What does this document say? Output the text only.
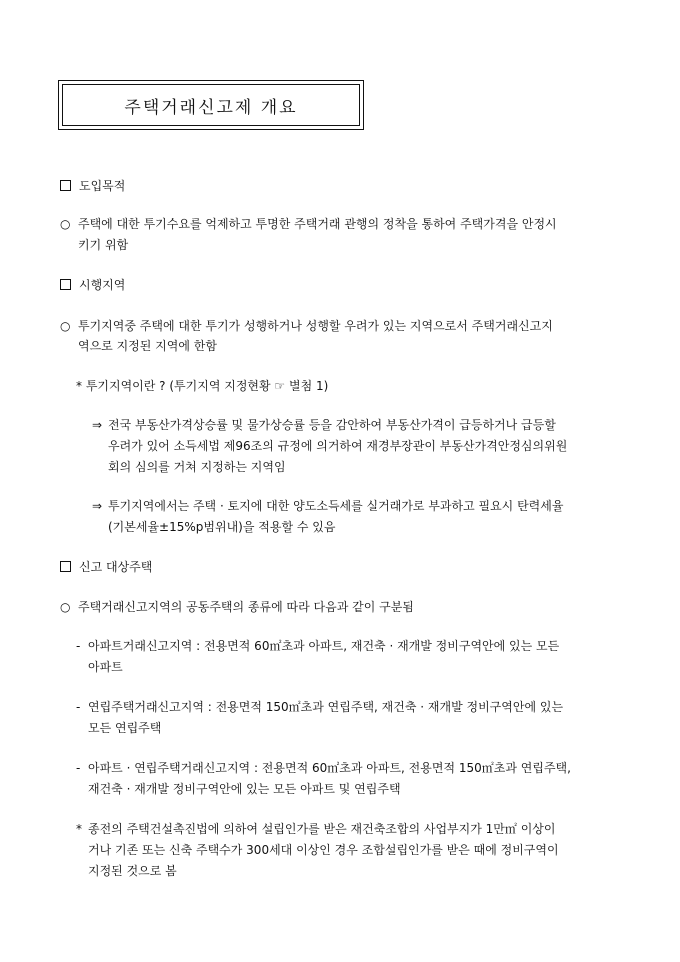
주택거래신고제 개요
도입목적
○ 주택에 대한 투기수요를 억제하고 투명한 주택거래 관행의 정착을 통하여 주택가격을 안정시
키기 위함
시행지역
○ 투기지역중 주택에 대한 투기가 성행하거나 성행할 우려가 있는 지역으로서 주택거래신고지
역으로 지정된 지역에 한함
* 투기지역이란 ? (투기지역 지정현황 ☞ 별첨 1)
⇒ 전국 부동산가격상승률 및 물가상승률 등을 감안하여 부동산가격이 급등하거나 급등할
우려가 있어 소득세법 제96조의 규정에 의거하여 재경부장관이 부동산가격안정심의위원
회의 심의를 거쳐 지정하는 지역임
⇒ 투기지역에서는 주택 · 토지에 대한 양도소득세를 실거래가로 부과하고 필요시 탄력세율
(기본세율±15%p범위내)을 적용할 수 있음
신고 대상주택
○ 주택거래신고지역의 공동주택의 종류에 따라 다음과 같이 구분됨
- 아파트거래신고지역 : 전용면적 60㎡초과 아파트, 재건축 · 재개발 정비구역안에 있는 모든
아파트
- 연립주택거래신고지역 : 전용면적 150㎡초과 연립주택, 재건축 · 재개발 정비구역안에 있는
모든 연립주택
- 아파트 · 연립주택거래신고지역 : 전용면적 60㎡초과 아파트, 전용면적 150㎡초과 연립주택,
재건축 · 재개발 정비구역안에 있는 모든 아파트 및 연립주택
* 종전의 주택건설촉진법에 의하여 설립인가를 받은 재건축조합의 사업부지가 1만㎡ 이상이
거나 기존 또는 신축 주택수가 300세대 이상인 경우 조합설립인가를 받은 때에 정비구역이
지정된 것으로 봄
